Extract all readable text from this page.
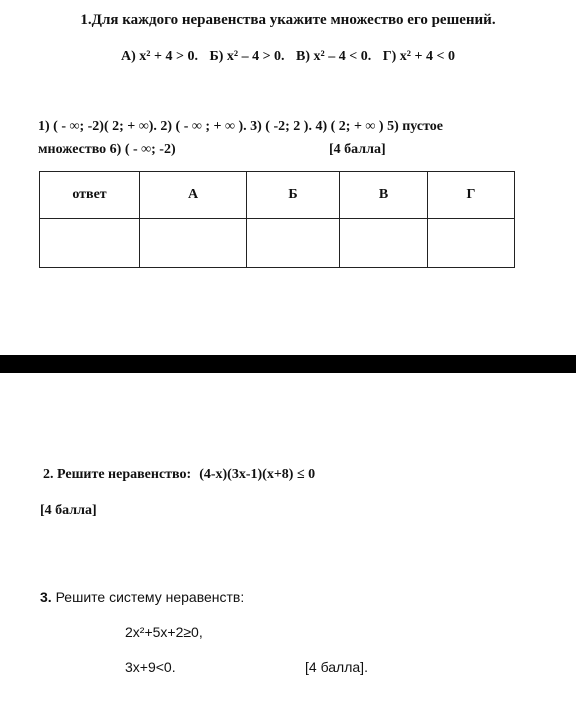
1.Для каждого неравенства укажите множество его решений.
А) x² + 4 > 0. Б) x² – 4 > 0. В) x² – 4 < 0. Г) x² + 4 < 0
1) ( - ∞; -2)( 2; + ∞). 2) ( - ∞ ; + ∞ ). 3) ( -2; 2 ). 4) ( 2; + ∞ ) 5) пустое
множество 6) ( - ∞; -2)	[4 балла]
ответ	А	Б	В	Г

2. Решите неравенство: (4-x)(3x-1)(x+8) ≤ 0
[4 балла]
3. Решите систему неравенств:
2x²+5x+2≥0,
3x+9<0.	[4 балла].
